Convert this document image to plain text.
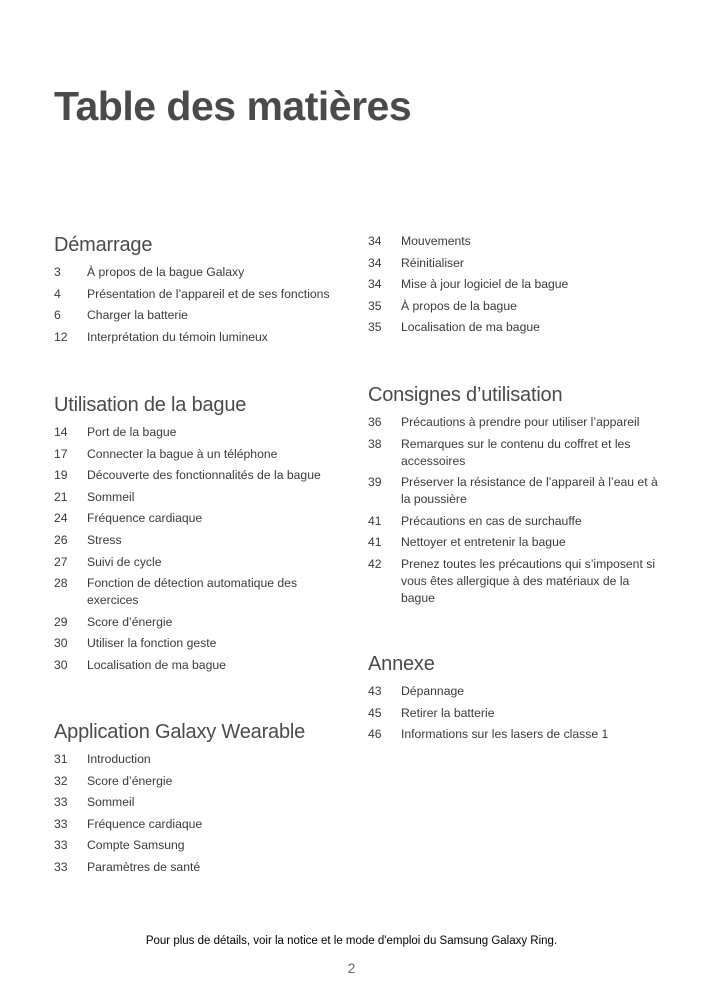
Table des matières
Démarrage
3	À propos de la bague Galaxy
4	Présentation de l’appareil et de ses fonctions
6	Charger la batterie
12	Interprétation du témoin lumineux
Utilisation de la bague
14	Port de la bague
17	Connecter la bague à un téléphone
19	Découverte des fonctionnalités de la bague
21	Sommeil
24	Fréquence cardiaque
26	Stress
27	Suivi de cycle
28	Fonction de détection automatique des exercices
29	Score d’énergie
30	Utiliser la fonction geste
30	Localisation de ma bague
Application Galaxy Wearable
31	Introduction
32	Score d’énergie
33	Sommeil
33	Fréquence cardiaque
33	Compte Samsung
33	Paramètres de santé
34	Mouvements
34	Réinitialiser
34	Mise à jour logiciel de la bague
35	À propos de la bague
35	Localisation de ma bague
Consignes d’utilisation
36	Précautions à prendre pour utiliser l’appareil
38	Remarques sur le contenu du coffret et les accessoires
39	Préserver la résistance de l’appareil à l’eau et à la poussière
41	Précautions en cas de surchauffe
41	Nettoyer et entretenir la bague
42	Prenez toutes les précautions qui s’imposent si vous êtes allergique à des matériaux de la bague
Annexe
43	Dépannage
45	Retirer la batterie
46	Informations sur les lasers de classe 1
Pour plus de détails, voir la notice et le mode d'emploi du Samsung Galaxy Ring.
2
